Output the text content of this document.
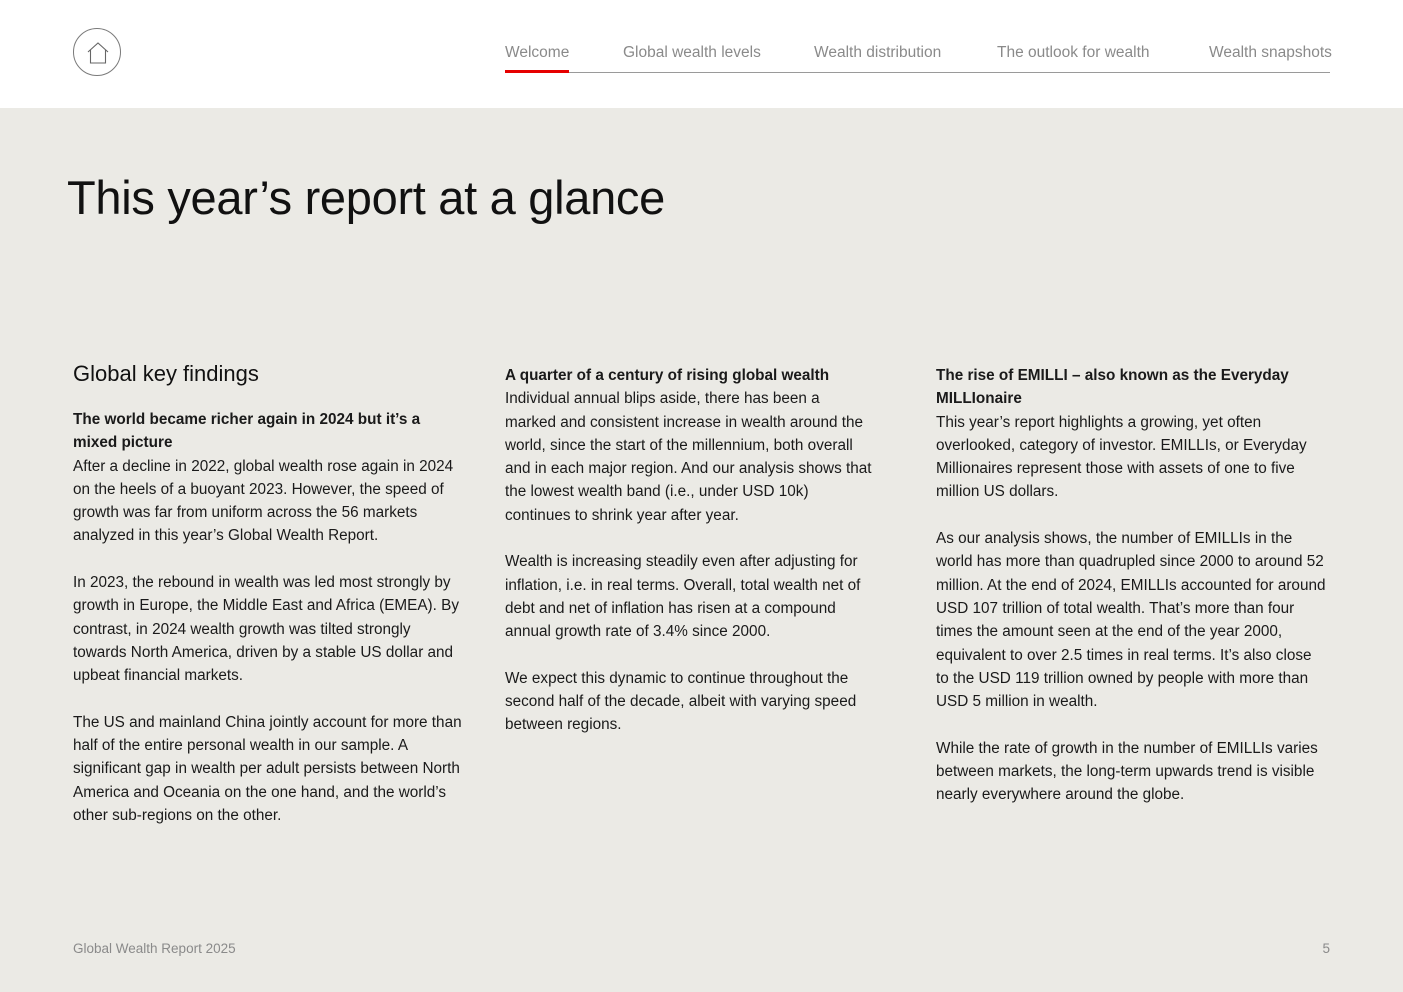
Welcome	Global wealth levels	Wealth distribution	The outlook for wealth	Wealth snapshots
This year’s report at a glance
Global key findings

The world became richer again in 2024 but it’s a mixed picture
After a decline in 2022, global wealth rose again in 2024 on the heels of a buoyant 2023. However, the speed of growth was far from uniform across the 56 markets analyzed in this year’s Global Wealth Report.

In 2023, the rebound in wealth was led most strongly by growth in Europe, the Middle East and Africa (EMEA). By contrast, in 2024 wealth growth was tilted strongly towards North America, driven by a stable US dollar and upbeat financial markets.

The US and mainland China jointly account for more than half of the entire personal wealth in our sample. A significant gap in wealth per adult persists between North America and Oceania on the one hand, and the world’s other sub-regions on the other.

A quarter of a century of rising global wealth
Individual annual blips aside, there has been a marked and consistent increase in wealth around the world, since the start of the millennium, both overall and in each major region. And our analysis shows that the lowest wealth band (i.e., under USD 10k) continues to shrink year after year.

Wealth is increasing steadily even after adjusting for inflation, i.e. in real terms. Overall, total wealth net of debt and net of inflation has risen at a compound annual growth rate of 3.4% since 2000.

We expect this dynamic to continue throughout the second half of the decade, albeit with varying speed between regions.

The rise of EMILLI – also known as the Everyday MILLIonaire
This year’s report highlights a growing, yet often overlooked, category of investor. EMILLIs, or Everyday Millionaires represent those with assets of one to five million US dollars.

As our analysis shows, the number of EMILLIs in the world has more than quadrupled since 2000 to around 52 million. At the end of 2024, EMILLIs accounted for around USD 107 trillion of total wealth. That’s more than four times the amount seen at the end of the year 2000, equivalent to over 2.5 times in real terms. It’s also close to the USD 119 trillion owned by people with more than USD 5 million in wealth.

While the rate of growth in the number of EMILLIs varies between markets, the long-term upwards trend is visible nearly everywhere around the globe.

Global Wealth Report 2025	5
